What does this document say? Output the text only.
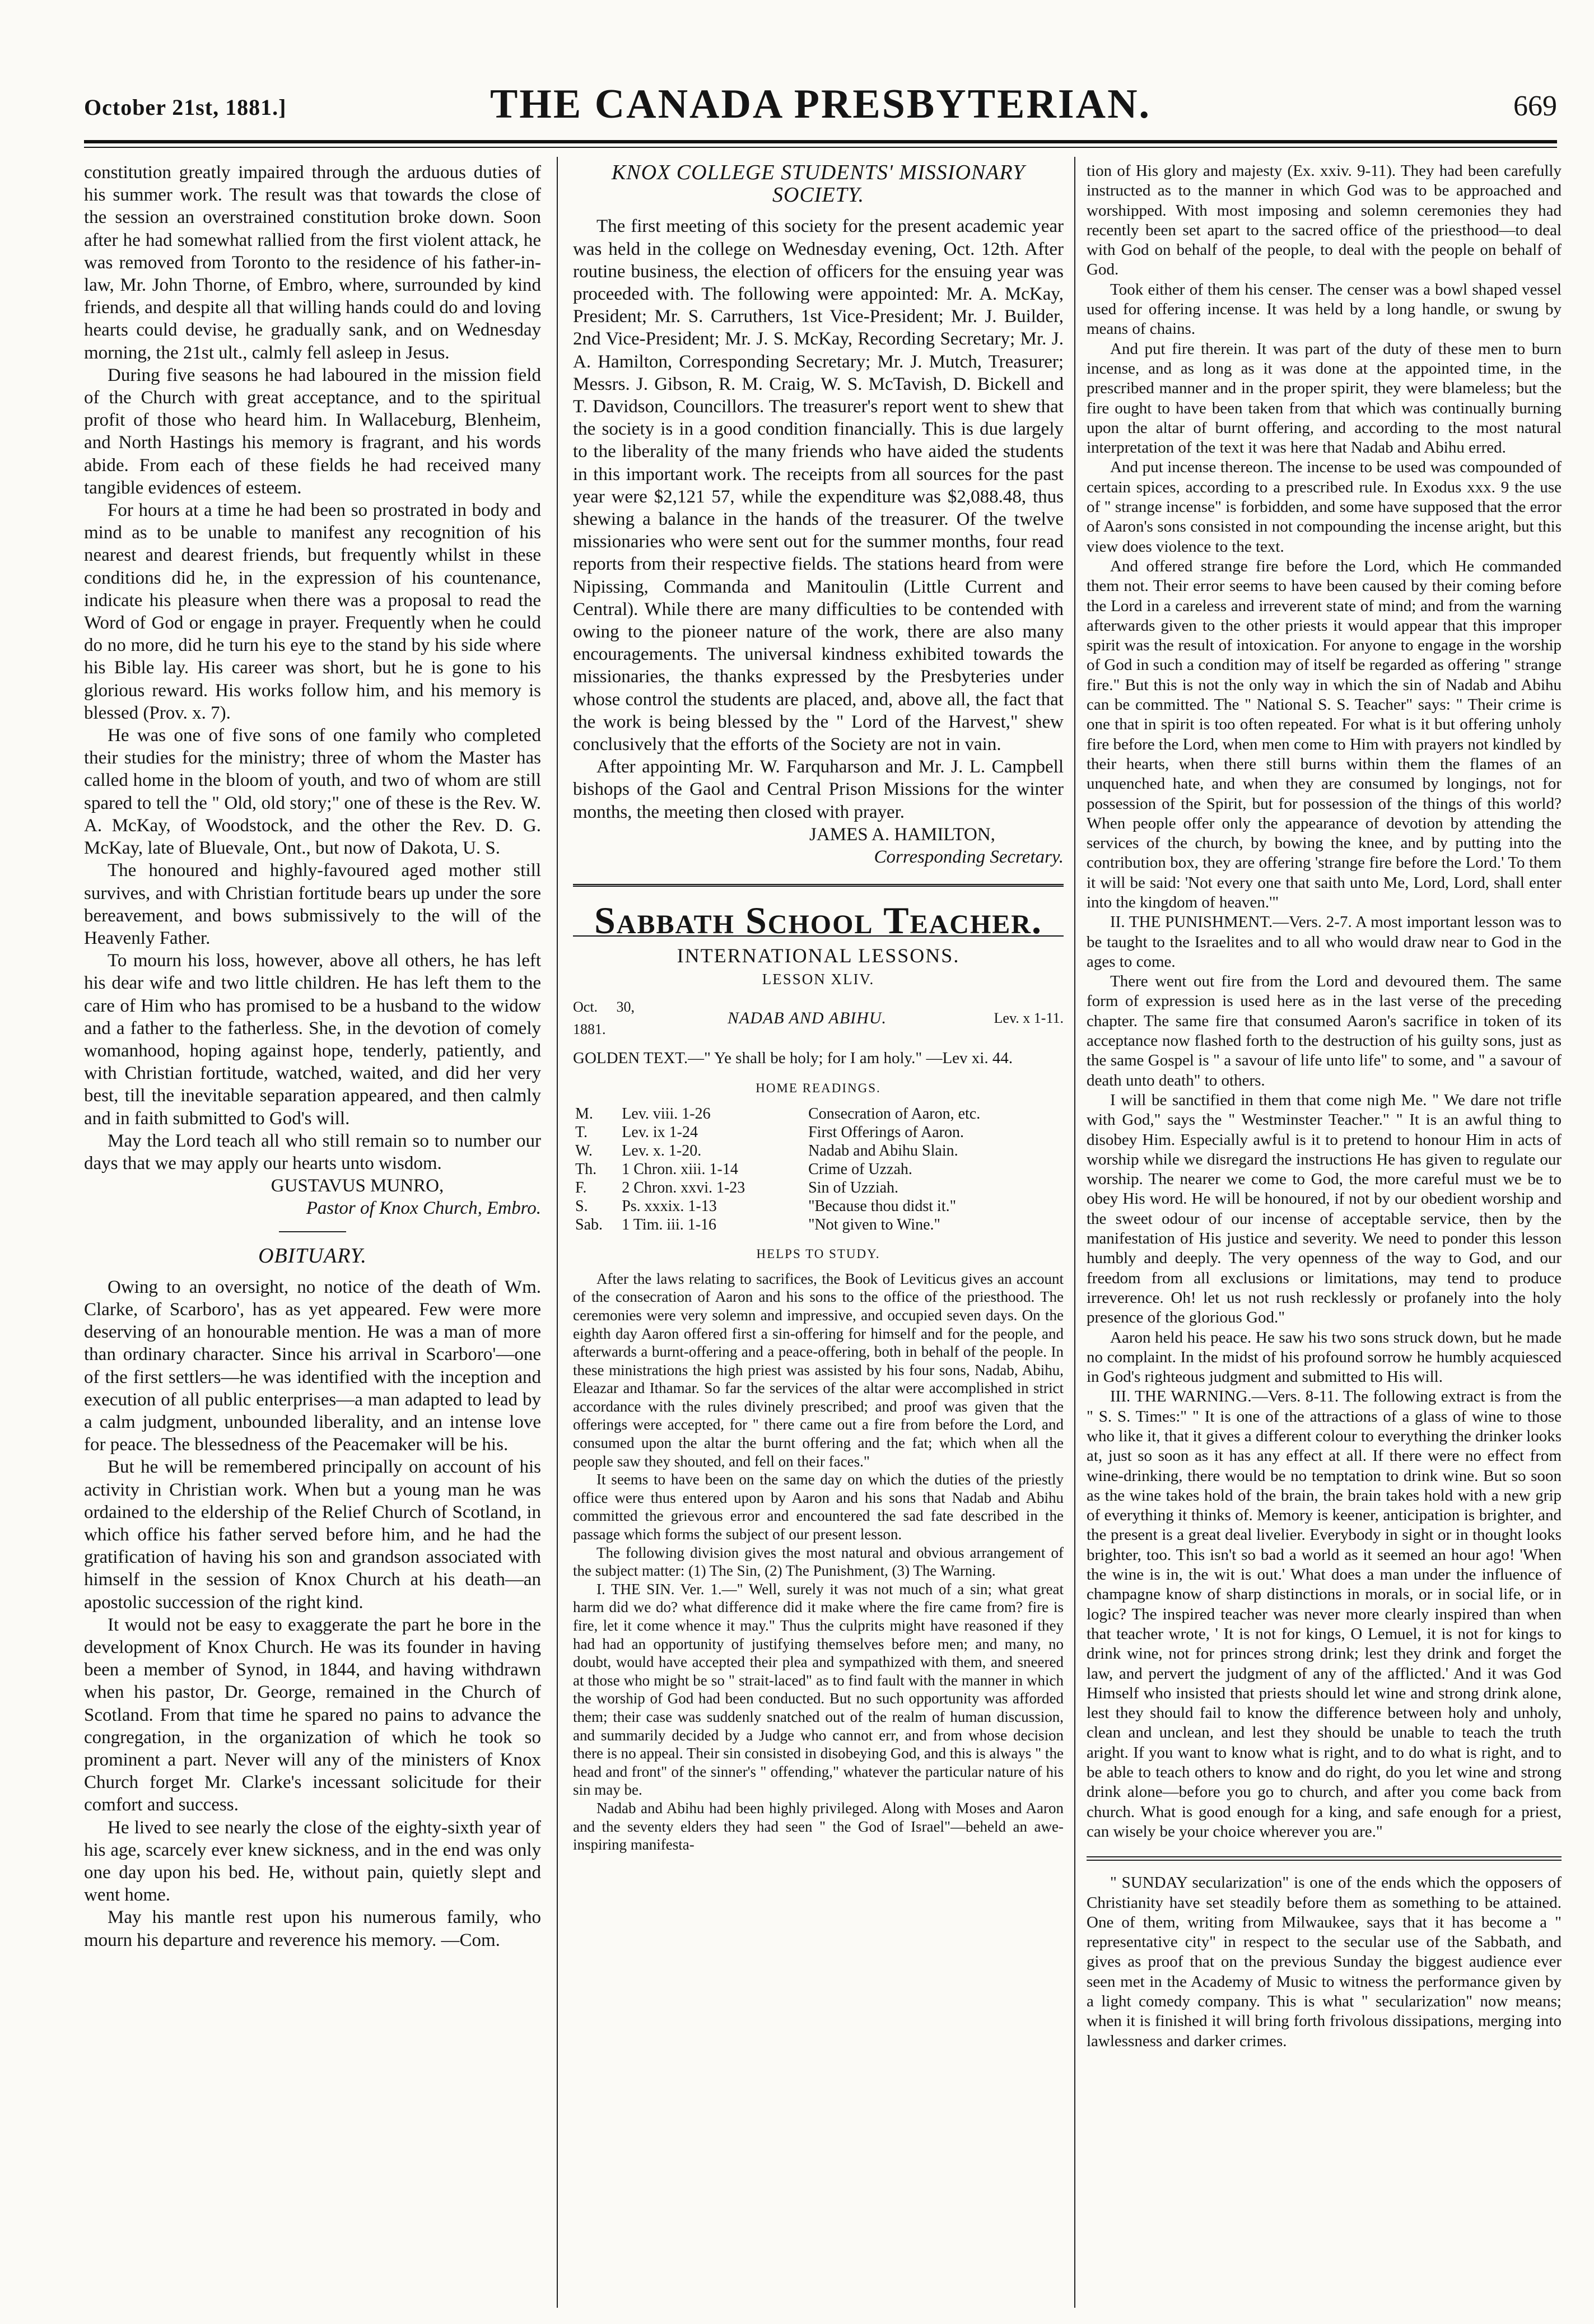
October 21st, 1881.]	THE CANADA PRESBYTERIAN.	669

constitution greatly impaired through the arduous duties of his summer work. The result was that towards the close of the session an overstrained constitution broke down. Soon after he had somewhat rallied from the first violent attack, he was removed from Toronto to the residence of his father-in-law, Mr. John Thorne, of Embro, where, surrounded by kind friends, and despite all that willing hands could do and loving hearts could devise, he gradually sank, and on Wednesday morning, the 21st ult., calmly fell asleep in Jesus.

During five seasons he had laboured in the mission field of the Church with great acceptance, and to the spiritual profit of those who heard him. In Wallaceburg, Blenheim, and North Hastings his memory is fragrant, and his words abide. From each of these fields he had received many tangible evidences of esteem.

For hours at a time he had been so prostrated in body and mind as to be unable to manifest any recognition of his nearest and dearest friends, but frequently whilst in these conditions did he, in the expression of his countenance, indicate his pleasure when there was a proposal to read the Word of God or engage in prayer. Frequently when he could do no more, did he turn his eye to the stand by his side where his Bible lay. His career was short, but he is gone to his glorious reward. His works follow him, and his memory is blessed (Prov. x. 7).

He was one of five sons of one family who completed their studies for the ministry; three of whom the Master has called home in the bloom of youth, and two of whom are still spared to tell the " Old, old story;" one of these is the Rev. W. A. McKay, of Woodstock, and the other the Rev. D. G. McKay, late of Bluevale, Ont., but now of Dakota, U. S.

The honoured and highly-favoured aged mother still survives, and with Christian fortitude bears up under the sore bereavement, and bows submissively to the will of the Heavenly Father.

To mourn his loss, however, above all others, he has left his dear wife and two little children. He has left them to the care of Him who has promised to be a husband to the widow and a father to the fatherless. She, in the devotion of comely womanhood, hoping against hope, tenderly, patiently, and with Christian fortitude, watched, waited, and did her very best, till the inevitable separation appeared, and then calmly and in faith submitted to God's will.

May the Lord teach all who still remain so to number our days that we may apply our hearts unto wisdom.

GUSTAVUS MUNRO,

Pastor of Knox Church, Embro.

OBITUARY.

Owing to an oversight, no notice of the death of Wm. Clarke, of Scarboro', has as yet appeared. Few were more deserving of an honourable mention. He was a man of more than ordinary character. Since his arrival in Scarboro'—one of the first settlers—he was identified with the inception and execution of all public enterprises—a man adapted to lead by a calm judgment, unbounded liberality, and an intense love for peace. The blessedness of the Peacemaker will be his.

But he will be remembered principally on account of his activity in Christian work. When but a young man he was ordained to the eldership of the Relief Church of Scotland, in which office his father served before him, and he had the gratification of having his son and grandson associated with himself in the session of Knox Church at his death—an apostolic succession of the right kind.

It would not be easy to exaggerate the part he bore in the development of Knox Church. He was its founder in having been a member of Synod, in 1844, and having withdrawn when his pastor, Dr. George, remained in the Church of Scotland. From that time he spared no pains to advance the congregation, in the organization of which he took so prominent a part. Never will any of the ministers of Knox Church forget Mr. Clarke's incessant solicitude for their comfort and success.

He lived to see nearly the close of the eighty-sixth year of his age, scarcely ever knew sickness, and in the end was only one day upon his bed. He, without pain, quietly slept and went home.

May his mantle rest upon his numerous family, who mourn his departure and reverence his memory. —Com.

KNOX COLLEGE STUDENTS' MISSIONARY SOCIETY.

The first meeting of this society for the present academic year was held in the college on Wednesday evening, Oct. 12th. After routine business, the election of officers for the ensuing year was proceeded with. The following were appointed: Mr. A. McKay, President; Mr. S. Carruthers, 1st Vice-President; Mr. J. Builder, 2nd Vice-President; Mr. J. S. McKay, Recording Secretary; Mr. J. A. Hamilton, Corresponding Secretary; Mr. J. Mutch, Treasurer; Messrs. J. Gibson, R. M. Craig, W. S. McTavish, D. Bickell and T. Davidson, Councillors. The treasurer's report went to shew that the society is in a good condition financially. This is due largely to the liberality of the many friends who have aided the students in this important work. The receipts from all sources for the past year were $2,121 57, while the expenditure was $2,088.48, thus shewing a balance in the hands of the treasurer. Of the twelve missionaries who were sent out for the summer months, four read reports from their respective fields. The stations heard from were Nipissing, Commanda and Manitoulin (Little Current and Central). While there are many difficulties to be contended with owing to the pioneer nature of the work, there are also many encouragements. The universal kindness exhibited towards the missionaries, the thanks expressed by the Presbyteries under whose control the students are placed, and, above all, the fact that the work is being blessed by the " Lord of the Harvest," shew conclusively that the efforts of the Society are not in vain.

After appointing Mr. W. Farquharson and Mr. J. L. Campbell bishops of the Gaol and Central Prison Missions for the winter months, the meeting then closed with prayer.

JAMES A. HAMILTON,

Corresponding Secretary.

Sabbath School Teacher.
INTERNATIONAL LESSONS.
LESSON XLIV.
Oct. 30, 1881.
NADAB AND ABIHU.	Lev. x 1-11.

GOLDEN TEXT.—" Ye shall be holy; for I am holy." —Lev xi. 44.

HOME READINGS.
M.	Lev. viii. 1-26	Consecration of Aaron, etc.
T.	Lev. ix 1-24	First Offerings of Aaron.
W.	Lev. x. 1-20.	Nadab and Abihu Slain.
Th.	1 Chron. xiii. 1-14	Crime of Uzzah.
F.	2 Chron. xxvi. 1-23	Sin of Uzziah.
S.	Ps. xxxix. 1-13	"Because thou didst it."
Sab.	1 Tim. iii. 1-16	"Not given to Wine."
HELPS TO STUDY.

After the laws relating to sacrifices, the Book of Leviticus gives an account of the consecration of Aaron and his sons to the office of the priesthood. The ceremonies were very solemn and impressive, and occupied seven days. On the eighth day Aaron offered first a sin-offering for himself and for the people, and afterwards a burnt-offering and a peace-offering, both in behalf of the people. In these ministrations the high priest was assisted by his four sons, Nadab, Abihu, Eleazar and Ithamar. So far the services of the altar were accomplished in strict accordance with the rules divinely prescribed; and proof was given that the offerings were accepted, for " there came out a fire from before the Lord, and consumed upon the altar the burnt offering and the fat; which when all the people saw they shouted, and fell on their faces."

It seems to have been on the same day on which the duties of the priestly office were thus entered upon by Aaron and his sons that Nadab and Abihu committed the grievous error and encountered the sad fate described in the passage which forms the subject of our present lesson.

The following division gives the most natural and obvious arrangement of the subject matter: (1) The Sin, (2) The Punishment, (3) The Warning.

I. THE SIN. Ver. 1.—" Well, surely it was not much of a sin; what great harm did we do? what difference did it make where the fire came from? fire is fire, let it come whence it may." Thus the culprits might have reasoned if they had had an opportunity of justifying themselves before men; and many, no doubt, would have accepted their plea and sympathized with them, and sneered at those who might be so " strait-laced" as to find fault with the manner in which the worship of God had been conducted. But no such opportunity was afforded them; their case was suddenly snatched out of the realm of human discussion, and summarily decided by a Judge who cannot err, and from whose decision there is no appeal. Their sin consisted in disobeying God, and this is always " the head and front" of the sinner's " offending," whatever the particular nature of his sin may be.

Nadab and Abihu had been highly privileged. Along with Moses and Aaron and the seventy elders they had seen " the God of Israel"—beheld an awe-inspiring manifesta-

tion of His glory and majesty (Ex. xxiv. 9-11). They had been carefully instructed as to the manner in which God was to be approached and worshipped. With most imposing and solemn ceremonies they had recently been set apart to the sacred office of the priesthood—to deal with God on behalf of the people, to deal with the people on behalf of God.

Took either of them his censer. The censer was a bowl shaped vessel used for offering incense. It was held by a long handle, or swung by means of chains.

And put fire therein. It was part of the duty of these men to burn incense, and as long as it was done at the appointed time, in the prescribed manner and in the proper spirit, they were blameless; but the fire ought to have been taken from that which was continually burning upon the altar of burnt offering, and according to the most natural interpretation of the text it was here that Nadab and Abihu erred.

And put incense thereon. The incense to be used was compounded of certain spices, according to a prescribed rule. In Exodus xxx. 9 the use of " strange incense" is forbidden, and some have supposed that the error of Aaron's sons consisted in not compounding the incense aright, but this view does violence to the text.

And offered strange fire before the Lord, which He commanded them not. Their error seems to have been caused by their coming before the Lord in a careless and irreverent state of mind; and from the warning afterwards given to the other priests it would appear that this improper spirit was the result of intoxication. For anyone to engage in the worship of God in such a condition may of itself be regarded as offering " strange fire." But this is not the only way in which the sin of Nadab and Abihu can be committed. The " National S. S. Teacher" says: " Their crime is one that in spirit is too often repeated. For what is it but offering unholy fire before the Lord, when men come to Him with prayers not kindled by their hearts, when there still burns within them the flames of an unquenched hate, and when they are consumed by longings, not for possession of the Spirit, but for possession of the things of this world? When people offer only the appearance of devotion by attending the services of the church, by bowing the knee, and by putting into the contribution box, they are offering 'strange fire before the Lord.' To them it will be said: 'Not every one that saith unto Me, Lord, Lord, shall enter into the kingdom of heaven.'"

II. THE PUNISHMENT.—Vers. 2-7. A most important lesson was to be taught to the Israelites and to all who would draw near to God in the ages to come.

There went out fire from the Lord and devoured them. The same form of expression is used here as in the last verse of the preceding chapter. The same fire that consumed Aaron's sacrifice in token of its acceptance now flashed forth to the destruction of his guilty sons, just as the same Gospel is " a savour of life unto life" to some, and " a savour of death unto death" to others.

I will be sanctified in them that come nigh Me. " We dare not trifle with God," says the " Westminster Teacher." " It is an awful thing to disobey Him. Especially awful is it to pretend to honour Him in acts of worship while we disregard the instructions He has given to regulate our worship. The nearer we come to God, the more careful must we be to obey His word. He will be honoured, if not by our obedient worship and the sweet odour of our incense of acceptable service, then by the manifestation of His justice and severity. We need to ponder this lesson humbly and deeply. The very openness of the way to God, and our freedom from all exclusions or limitations, may tend to produce irreverence. Oh! let us not rush recklessly or profanely into the holy presence of the glorious God."

Aaron held his peace. He saw his two sons struck down, but he made no complaint. In the midst of his profound sorrow he humbly acquiesced in God's righteous judgment and submitted to His will.

III. THE WARNING.—Vers. 8-11. The following extract is from the " S. S. Times:" " It is one of the attractions of a glass of wine to those who like it, that it gives a different colour to everything the drinker looks at, just so soon as it has any effect at all. If there were no effect from wine-drinking, there would be no temptation to drink wine. But so soon as the wine takes hold of the brain, the brain takes hold with a new grip of everything it thinks of. Memory is keener, anticipation is brighter, and the present is a great deal livelier. Everybody in sight or in thought looks brighter, too. This isn't so bad a world as it seemed an hour ago! 'When the wine is in, the wit is out.' What does a man under the influence of champagne know of sharp distinctions in morals, or in social life, or in logic? The inspired teacher was never more clearly inspired than when that teacher wrote, ' It is not for kings, O Lemuel, it is not for kings to drink wine, not for princes strong drink; lest they drink and forget the law, and pervert the judgment of any of the afflicted.' And it was God Himself who insisted that priests should let wine and strong drink alone, lest they should fail to know the difference between holy and unholy, clean and unclean, and lest they should be unable to teach the truth aright. If you want to know what is right, and to do what is right, and to be able to teach others to know and do right, do you let wine and strong drink alone—before you go to church, and after you come back from church. What is good enough for a king, and safe enough for a priest, can wisely be your choice wherever you are."

" SUNDAY secularization" is one of the ends which the opposers of Christianity have set steadily before them as something to be attained. One of them, writing from Milwaukee, says that it has become a " representative city" in respect to the secular use of the Sabbath, and gives as proof that on the previous Sunday the biggest audience ever seen met in the Academy of Music to witness the performance given by a light comedy company. This is what " secularization" now means; when it is finished it will bring forth frivolous dissipations, merging into lawlessness and darker crimes.
